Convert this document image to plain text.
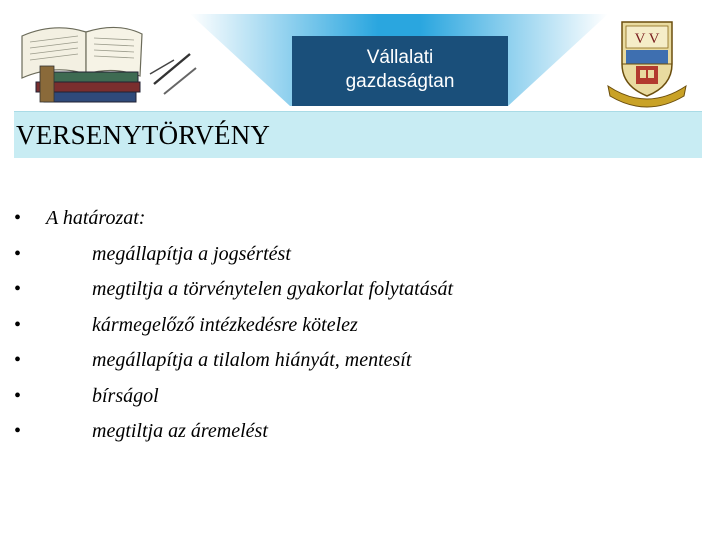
Vállalati
gazdaságtan
V V
VERSENYTÖRVÉNY
• A határozat:
•	megállapítja a jogsértést
•	megtiltja a törvénytelen gyakorlat folytatását
•	kármegelőző intézkedésre kötelez
•	megállapítja a tilalom hiányát, mentesít
•	bírságol
•	megtiltja az áremelést
